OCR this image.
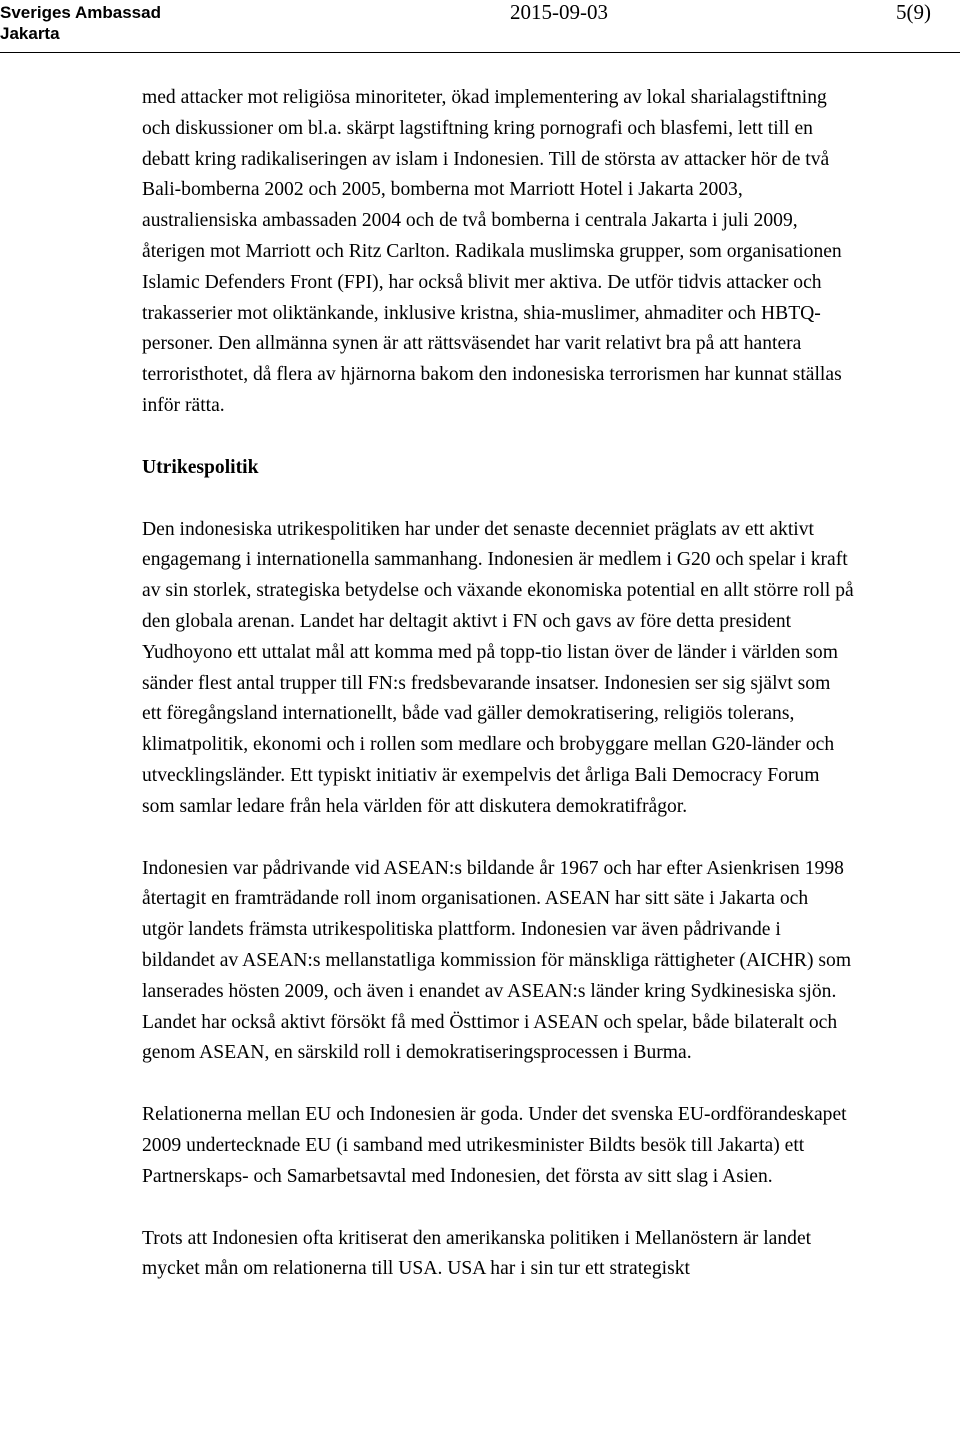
Sveriges Ambassad
Jakarta
2015-09-03	5(9)

med attacker mot religiösa minoriteter, ökad implementering av lokal sharialagstiftning och diskussioner om bl.a. skärpt lagstiftning kring pornografi och blasfemi, lett till en debatt kring radikaliseringen av islam i Indonesien. Till de största av attacker hör de två Bali-bomberna 2002 och 2005, bomberna mot Marriott Hotel i Jakarta 2003, australiensiska ambassaden 2004 och de två bomberna i centrala Jakarta i juli 2009, återigen mot Marriott och Ritz Carlton. Radikala muslimska grupper, som organisationen Islamic Defenders Front (FPI), har också blivit mer aktiva. De utför tidvis attacker och trakasserier mot oliktänkande, inklusive kristna, shia-muslimer, ahmaditer och HBTQ-personer. Den allmänna synen är att rättsväsendet har varit relativt bra på att hantera terroristhotet, då flera av hjärnorna bakom den indonesiska terrorismen har kunnat ställas inför rätta.

Utrikespolitik

Den indonesiska utrikespolitiken har under det senaste decenniet präglats av ett aktivt engagemang i internationella sammanhang. Indonesien är medlem i G20 och spelar i kraft av sin storlek, strategiska betydelse och växande ekonomiska potential en allt större roll på den globala arenan. Landet har deltagit aktivt i FN och gavs av före detta president Yudhoyono ett uttalat mål att komma med på topp-tio listan över de länder i världen som sänder flest antal trupper till FN:s fredsbevarande insatser. Indonesien ser sig självt som ett föregångsland internationellt, både vad gäller demokratisering, religiös tolerans, klimatpolitik, ekonomi och i rollen som medlare och brobyggare mellan G20-länder och utvecklingsländer. Ett typiskt initiativ är exempelvis det årliga Bali Democracy Forum som samlar ledare från hela världen för att diskutera demokratifrågor.

Indonesien var pådrivande vid ASEAN:s bildande år 1967 och har efter Asienkrisen 1998 återtagit en framträdande roll inom organisationen. ASEAN har sitt säte i Jakarta och utgör landets främsta utrikespolitiska plattform. Indonesien var även pådrivande i bildandet av ASEAN:s mellanstatliga kommission för mänskliga rättigheter (AICHR) som lanserades hösten 2009, och även i enandet av ASEAN:s länder kring Sydkinesiska sjön. Landet har också aktivt försökt få med Östtimor i ASEAN och spelar, både bilateralt och genom ASEAN, en särskild roll i demokratiseringsprocessen i Burma.

Relationerna mellan EU och Indonesien är goda. Under det svenska EU-ordförandeskapet 2009 undertecknade EU (i samband med utrikesminister Bildts besök till Jakarta) ett Partnerskaps- och Samarbetsavtal med Indonesien, det första av sitt slag i Asien.

Trots att Indonesien ofta kritiserat den amerikanska politiken i Mellanöstern är landet mycket mån om relationerna till USA. USA har i sin tur ett strategiskt
